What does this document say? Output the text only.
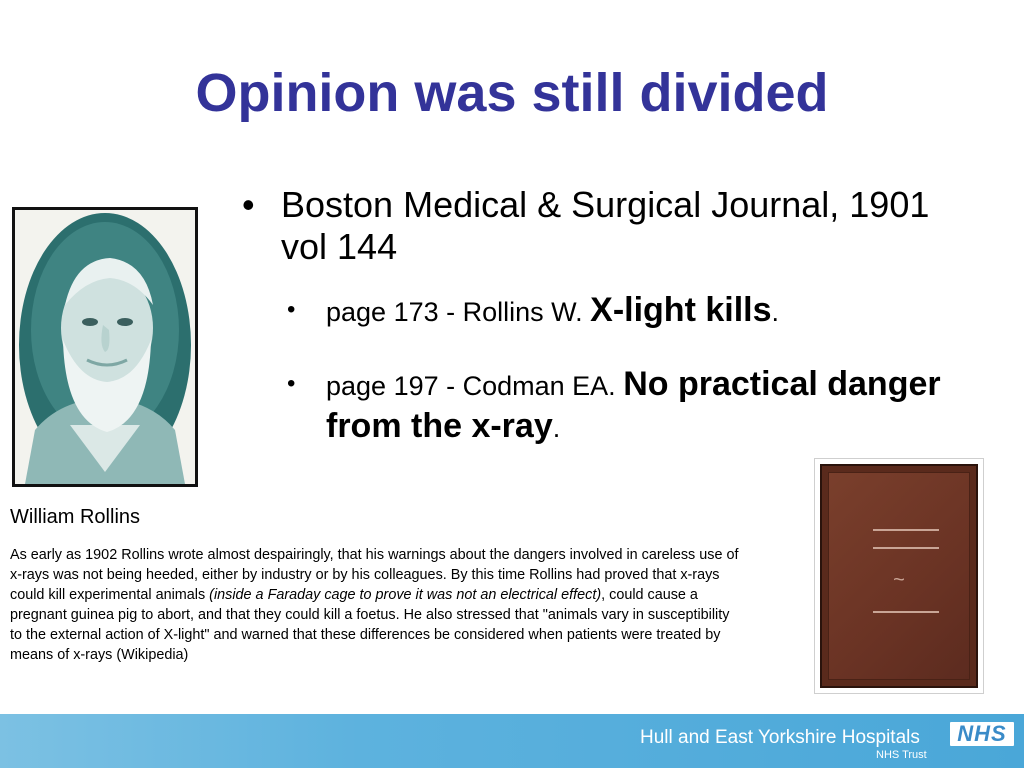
Opinion was still divided
William Rollins
• Boston Medical & Surgical Journal, 1901 vol 144
• page 173 - Rollins W. X-light kills.
• page 197 - Codman EA. No practical danger from the x-ray.
As early as 1902 Rollins wrote almost despairingly, that his warnings about the dangers involved in careless use of x-rays was not being heeded, either by industry or by his colleagues. By this time Rollins had proved that x-rays could kill experimental animals (inside a Faraday cage to prove it was not an electrical effect), could cause a pregnant guinea pig to abort, and that they could kill a foetus. He also stressed that "animals vary in susceptibility to the external action of X-light" and warned that these differences be considered when patients were treated by means of x-rays (Wikipedia)
~
Hull and East Yorkshire Hospitals
NHS Trust
NHS
